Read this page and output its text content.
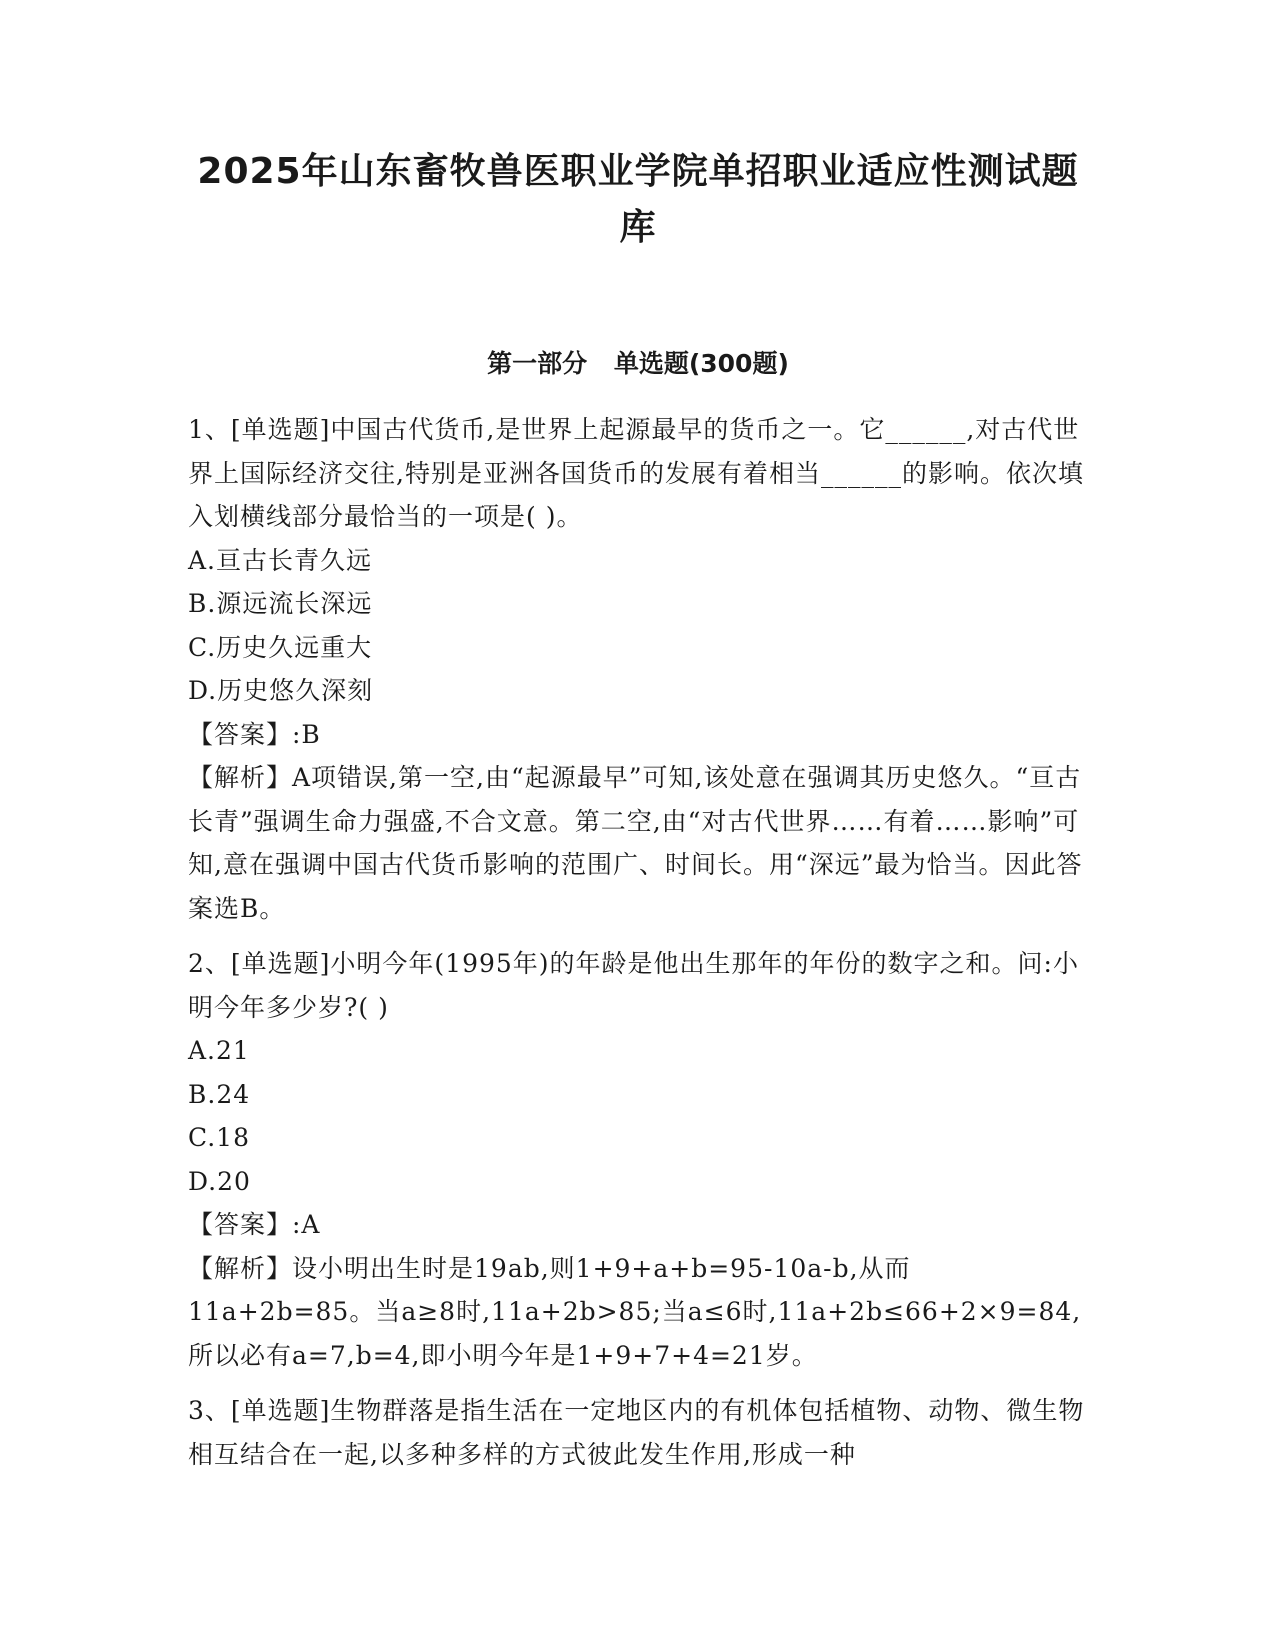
2025年山东畜牧兽医职业学院单招职业适应性测试题库
第一部分 单选题(300题)

1、[单选题]中国古代货币,是世界上起源最早的货币之一。它______,对古代世界上国际经济交往,特别是亚洲各国货币的发展有着相当______的影响。依次填入划横线部分最恰当的一项是( )。

A.亘古长青久远

B.源远流长深远

C.历史久远重大

D.历史悠久深刻

【答案】:B

【解析】A项错误,第一空,由“起源最早”可知,该处意在强调其历史悠久。“亘古长青”强调生命力强盛,不合文意。第二空,由“对古代世界……有着……影响”可知,意在强调中国古代货币影响的范围广、时间长。用“深远”最为恰当。因此答案选B。

2、[单选题]小明今年(1995年)的年龄是他出生那年的年份的数字之和。问:小明今年多少岁?( )

A.21

B.24

C.18

D.20

【答案】:A

【解析】设小明出生时是19ab,则1+9+a+b=95-10a-b,从而11a+2b=85。当a≥8时,11a+2b>85;当a≤6时,11a+2b≤66+2×9=84,所以必有a=7,b=4,即小明今年是1+9+7+4=21岁。

3、[单选题]生物群落是指生活在一定地区内的有机体包括植物、动物、微生物相互结合在一起,以多种多样的方式彼此发生作用,形成一种
